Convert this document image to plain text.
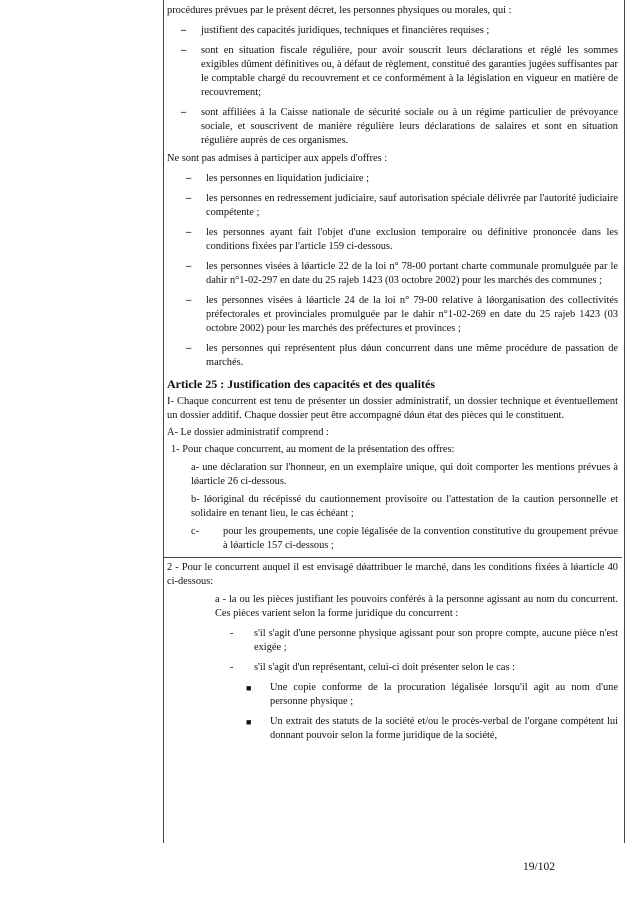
procédures prévues par le présent décret, les personnes physiques ou morales, qui :

–	justifient des capacités juridiques, techniques et financières requises ;
–	sont en situation fiscale régulière, pour avoir souscrit leurs déclarations et réglé les sommes exigibles dûment définitives ou, à défaut de règlement, constitué des garanties jugées suffisantes par le comptable chargé du recouvrement et ce conformément à la législation en vigueur en matière de recouvrement;
–	sont affiliées à la Caisse nationale de sécurité sociale ou à un régime particulier de prévoyance sociale, et souscrivent de manière régulière leurs déclarations de salaires et sont en situation régulière auprès de ces organismes.

Ne sont pas admises à participer aux appels d'offres :

–	les personnes en liquidation judiciaire ;
–	les personnes en redressement judiciaire, sauf autorisation spéciale délivrée par l'autorité judiciaire compétente ;
–	les personnes ayant fait l'objet d'une exclusion temporaire ou définitive prononcée dans les conditions fixées par l'article 159 ci-dessous.
–	les personnes visées à lǿarticle 22 de la loi n° 78-00 portant charte communale promulguée par le dahir n°1-02-297 en date du 25 rajeb 1423 (03 octobre 2002) pour les marchés des communes ;
–	les personnes visées à lǿarticle 24 de la loi n° 79-00 relative à lǿorganisation des collectivités préfectorales et provinciales promulguée par le dahir n°1-02-269 en date du 25 rajeb 1423 (03 octobre 2002) pour les marchés des préfectures et provinces ;
–	les personnes qui représentent plus dǿun concurrent dans une même procédure de passation de marchés.
Article 25 : Justification des capacités et des qualités

I- Chaque concurrent est tenu de présenter un dossier administratif, un dossier technique et éventuellement un dossier additif. Chaque dossier peut être accompagné dǿun état des pièces qui le constituent.

A- Le dossier administratif comprend :

1- Pour chaque concurrent, au moment de la présentation des offres:

a- une déclaration sur l'honneur, en un exemplaire unique, qui doit comporter les mentions prévues à lǿarticle 26 ci-dessous.

b- lǿoriginal du récépissé du cautionnement provisoire ou l'attestation de la caution personnelle et solidaire en tenant lieu, le cas échéant ;

c-	pour les groupements, une copie légalisée de la convention constitutive du groupement prévue à lǿarticle 157 ci-dessous ;

2 - Pour le concurrent auquel il est envisagé dǿattribuer le marché, dans les conditions fixées à lǿarticle 40 ci-dessous:

a - la ou les pièces justifiant les pouvoirs conférés à la personne agissant au nom du concurrent. Ces pièces varient selon la forme juridique du concurrent :

-	s'il s'agit d'une personne physique agissant pour son propre compte, aucune pièce n'est exigée ;
-	s'il s'agit d'un représentant, celui-ci doit présenter selon le cas :
■	Une copie conforme de la procuration légalisée lorsqu'il agit au nom d'une personne physique ;
■	Un extrait des statuts de la société et/ou le procès-verbal de l'organe compétent lui donnant pouvoir selon la forme juridique de la société,
19/102
